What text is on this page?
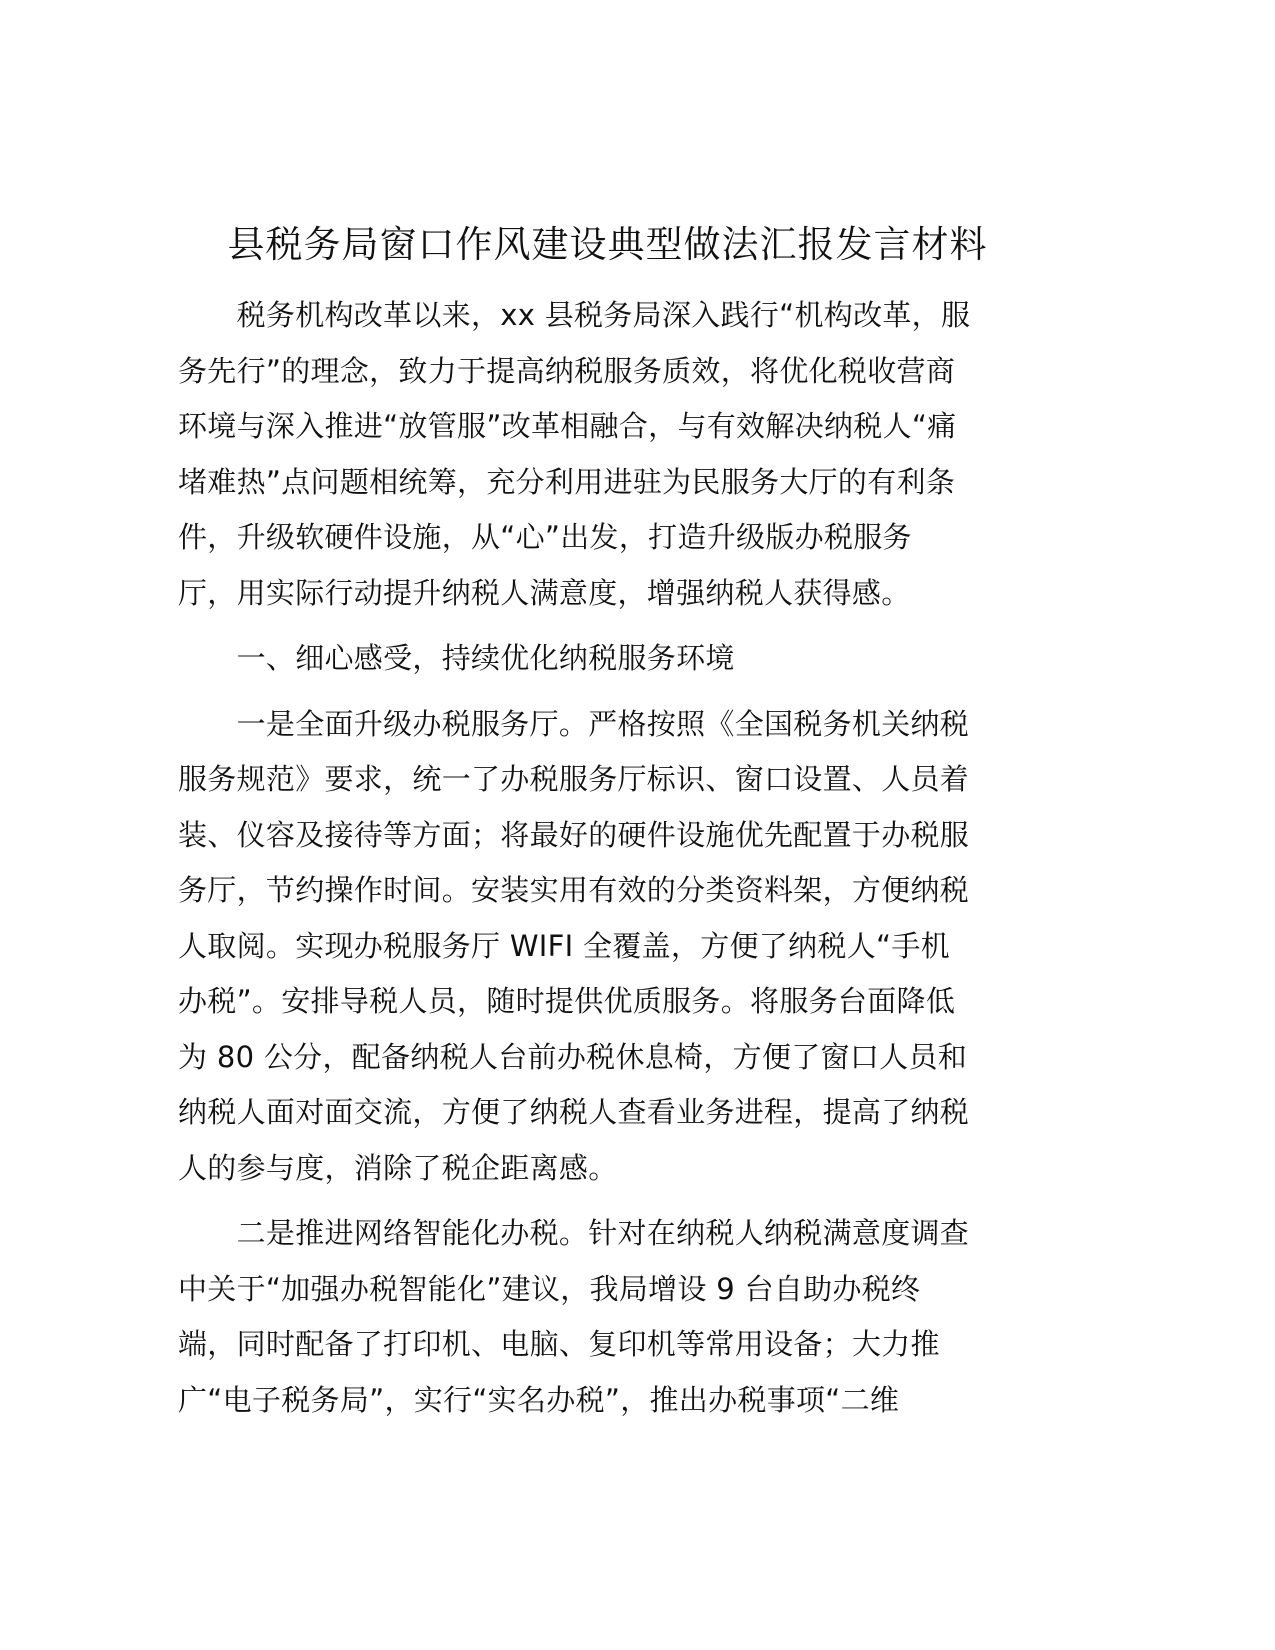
县税务局窗口作风建设典型做法汇报发言材料
　　税务机构改革以来，xx 县税务局深入践行“机构改革，服
务先行”的理念，致力于提高纳税服务质效，将优化税收营商
环境与深入推进“放管服”改革相融合，与有效解决纳税人“痛
堵难热”点问题相统筹，充分利用进驻为民服务大厅的有利条
件，升级软硬件设施，从“心”出发，打造升级版办税服务
厅，用实际行动提升纳税人满意度，增强纳税人获得感。
　　一、细心感受，持续优化纳税服务环境
　　一是全面升级办税服务厅。严格按照《全国税务机关纳税
服务规范》要求，统一了办税服务厅标识、窗口设置、人员着
装、仪容及接待等方面；将最好的硬件设施优先配置于办税服
务厅，节约操作时间。安装实用有效的分类资料架，方便纳税
人取阅。实现办税服务厅 WIFI 全覆盖，方便了纳税人“手机
办税”。安排导税人员，随时提供优质服务。将服务台面降低
为 80 公分，配备纳税人台前办税休息椅，方便了窗口人员和
纳税人面对面交流，方便了纳税人查看业务进程，提高了纳税
人的参与度，消除了税企距离感。
　　二是推进网络智能化办税。针对在纳税人纳税满意度调查
中关于“加强办税智能化”建议，我局增设 9 台自助办税终
端，同时配备了打印机、电脑、复印机等常用设备；大力推
广“电子税务局”，实行“实名办税”，推出办税事项“二维
